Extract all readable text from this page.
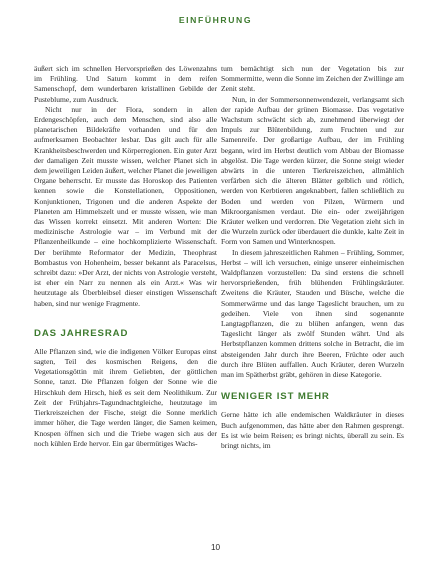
EINFÜHRUNG

äußert sich im schnellen Hervorsprießen des Löwenzahns im Frühling. Und Saturn kommt in dem reifen Samenschopf, dem wunderbaren kristallinen Gebilde der Pusteblume, zum Ausdruck.

Nicht nur in der Flora, sondern in allen Erdengeschöpfen, auch dem Menschen, sind also alle planetarischen Bildekräfte vorhanden und für den aufmerksamen Beobachter lesbar. Das gilt auch für alle Krankheitsbeschwerden und Körperregionen. Ein guter Arzt der damaligen Zeit musste wissen, welcher Planet sich in dem jeweiligen Leiden äußert, welcher Planet die jeweiligen Organe beherrscht. Er musste das Horoskop des Patienten kennen sowie die Konstellationen, Oppositionen, Konjunktionen, Trigonen und die anderen Aspekte der Planeten am Himmelszelt und er musste wissen, wie man das Wissen korrekt einsetzt. Mit anderen Worten: Die medizinische Astrologie war – im Verbund mit der Pflanzenheilkunde – eine hochkomplizierte Wissenschaft. Der berühmte Reformator der Medizin, Theophrast Bombastus von Hohenheim, besser bekannt als Paracelsus, schreibt dazu: »Der Arzt, der nichts von Astrologie versteht, ist eher ein Narr zu nennen als ein Arzt.« Was wir heutzutage als Überbleibsel dieser einstigen Wissenschaft haben, sind nur wenige Fragmente.

DAS JAHRESRAD

Alle Pflanzen sind, wie die indigenen Völker Europas einst sagten, Teil des kosmischen Reigens, den die Vegetationsgöttin mit ihrem Geliebten, der göttlichen Sonne, tanzt. Die Pflanzen folgen der Sonne wie die Hirschkuh dem Hirsch, hieß es seit dem Neolithikum. Zur Zeit der Frühjahrs-Tagundnachtgleiche, heutzutage im Tierkreiszeichen der Fische, steigt die Sonne merklich immer höher, die Tage werden länger, die Samen keimen, Knospen öffnen sich und die Triebe wagen sich aus der noch kühlen Erde hervor. Ein gar übermütiges Wachs-

tum bemächtigt sich nun der Vegetation bis zur Sommermitte, wenn die Sonne im Zeichen der Zwillinge am Zenit steht.

Nun, in der Sommersonnenwendezeit, verlangsamt sich der rapide Aufbau der grünen Biomasse. Das vegetative Wachstum schwächt sich ab, zunehmend überwiegt der Impuls zur Blütenbildung, zum Fruchten und zur Samenreife. Der großartige Aufbau, der im Frühling begann, wird im Herbst deutlich vom Abbau der Biomasse abgelöst. Die Tage werden kürzer, die Sonne steigt wieder abwärts in die unteren Tierkreiszeichen, allmählich verfärben sich die älteren Blätter gelblich und rötlich, werden von Kerbtieren angeknabbert, fallen schließlich zu Boden und werden von Pilzen, Würmern und Mikroorganismen verdaut. Die ein- oder zweijährigen Kräuter welken und verdorren. Die Vegetation zieht sich in die Wurzeln zurück oder überdauert die dunkle, kalte Zeit in Form von Samen und Winterknospen.

In diesem jahreszeitlichen Rahmen – Frühling, Sommer, Herbst – will ich versuchen, einige unserer einheimischen Waldpflanzen vorzustellen: Da sind erstens die schnell hervorsprießenden, früh blühenden Frühlingskräuter. Zweitens die Kräuter, Stauden und Büsche, welche die Sommerwärme und das lange Tageslicht brauchen, um zu gedeihen. Viele von ihnen sind sogenannte Langtagpflanzen, die zu blühen anfangen, wenn das Tageslicht länger als zwölf Stunden währt. Und als Herbstpflanzen kommen drittens solche in Betracht, die im absteigenden Jahr durch ihre Beeren, Früchte oder auch durch ihre Blüten auffallen. Auch Kräuter, deren Wurzeln man im Spätherbst gräbt, gehören in diese Kategorie.

WENIGER IST MEHR

Gerne hätte ich alle endemischen Waldkräuter in dieses Buch aufgenommen, das hätte aber den Rahmen gesprengt. Es ist wie beim Reisen; es bringt nichts, überall zu sein. Es bringt nichts, im

10
